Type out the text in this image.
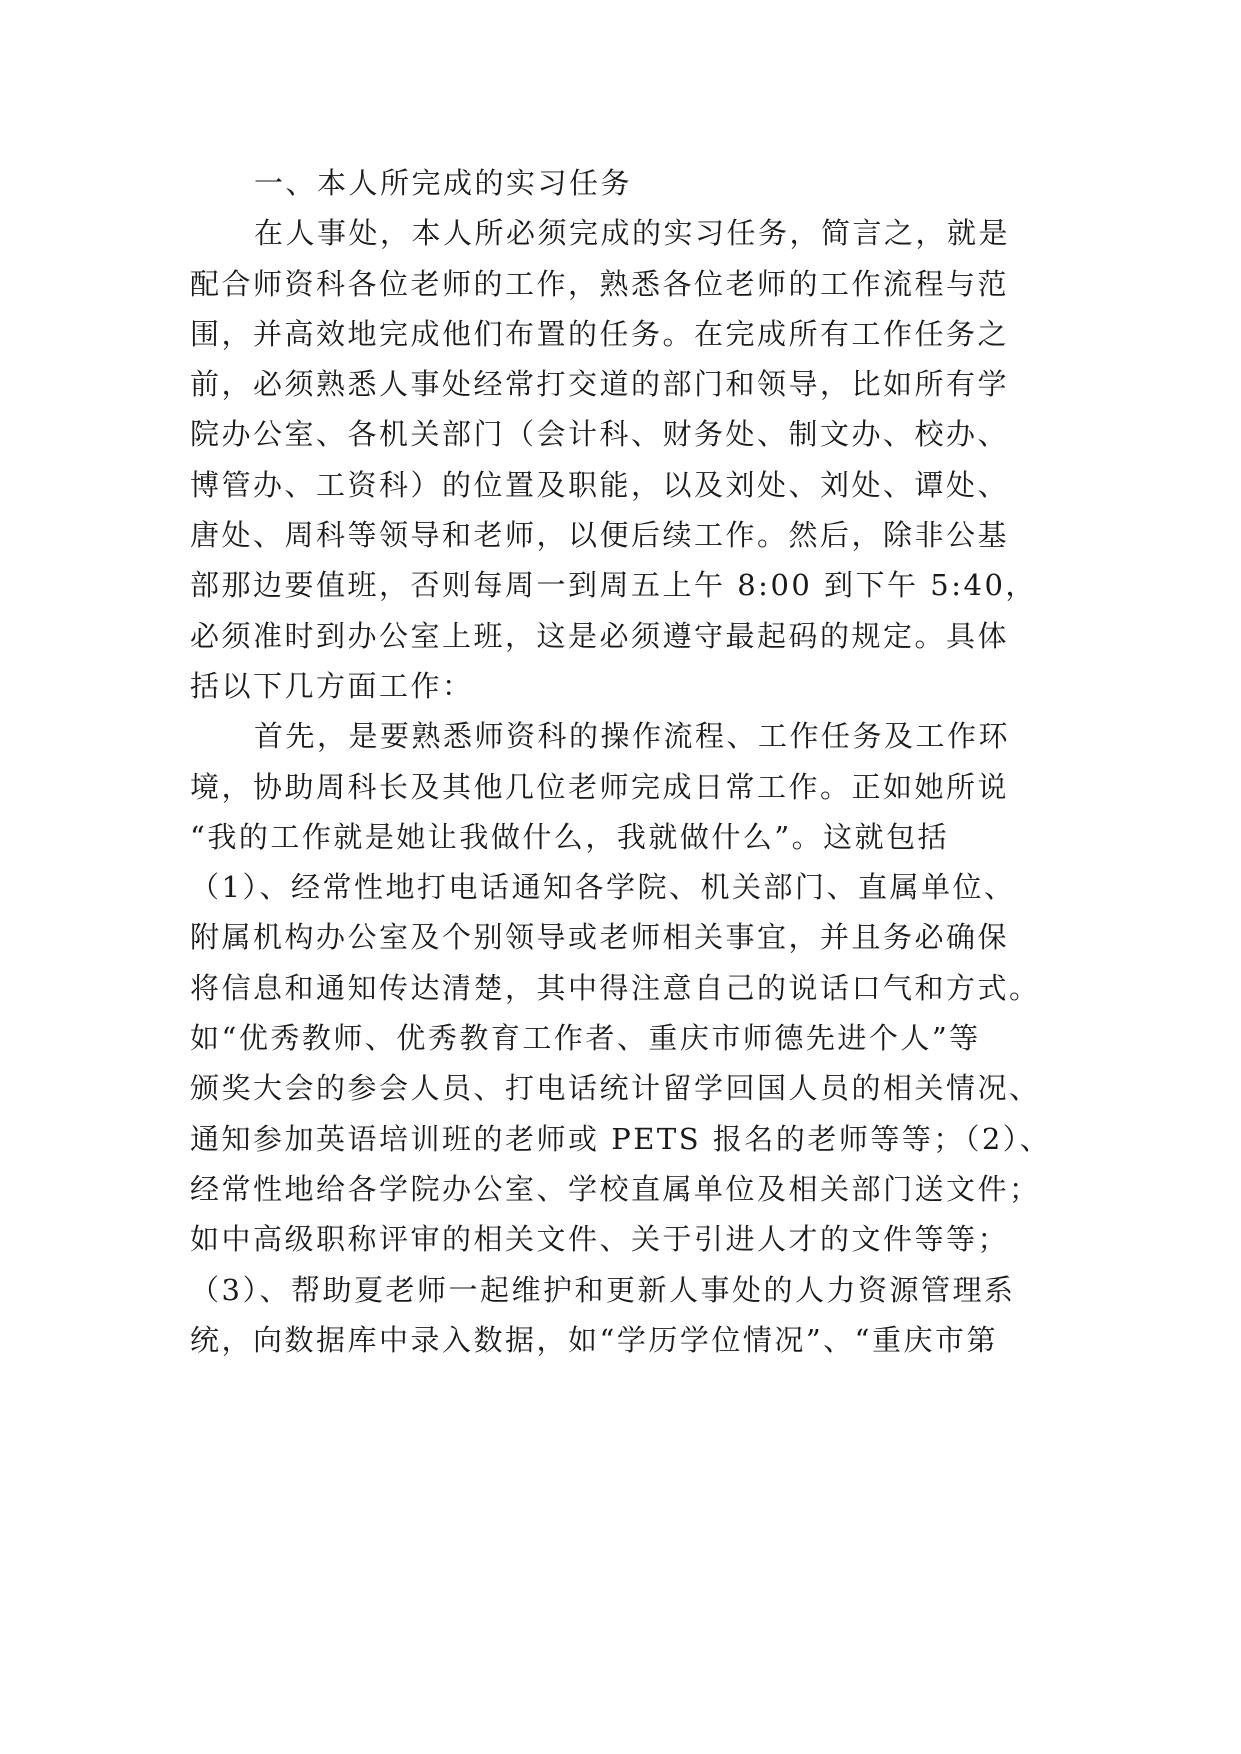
一、本人所完成的实习任务
在人事处，本人所必须完成的实习任务，简言之，就是
配合师资科各位老师的工作，熟悉各位老师的工作流程与范
围，并高效地完成他们布置的任务。在完成所有工作任务之
前，必须熟悉人事处经常打交道的部门和领导，比如所有学
院办公室、各机关部门（会计科、财务处、制文办、校办、
博管办、工资科）的位置及职能，以及刘处、刘处、谭处、
唐处、周科等领导和老师，以便后续工作。然后，除非公基
部那边要值班，否则每周一到周五上午 8:00 到下午 5:40，
必须准时到办公室上班，这是必须遵守最起码的规定。具体
括以下几方面工作：
首先，是要熟悉师资科的操作流程、工作任务及工作环
境，协助周科长及其他几位老师完成日常工作。正如她所说
“我的工作就是她让我做什么，我就做什么”。这就包括
（1）、经常性地打电话通知各学院、机关部门、直属单位、
附属机构办公室及个别领导或老师相关事宜，并且务必确保
将信息和通知传达清楚，其中得注意自己的说话口气和方式。
如“优秀教师、优秀教育工作者、重庆市师德先进个人”等
颁奖大会的参会人员、打电话统计留学回国人员的相关情况、
通知参加英语培训班的老师或 PETS 报名的老师等等；（2）、
经常性地给各学院办公室、学校直属单位及相关部门送文件；
如中高级职称评审的相关文件、关于引进人才的文件等等；
（3）、帮助夏老师一起维护和更新人事处的人力资源管理系
统，向数据库中录入数据，如“学历学位情况”、“重庆市第
